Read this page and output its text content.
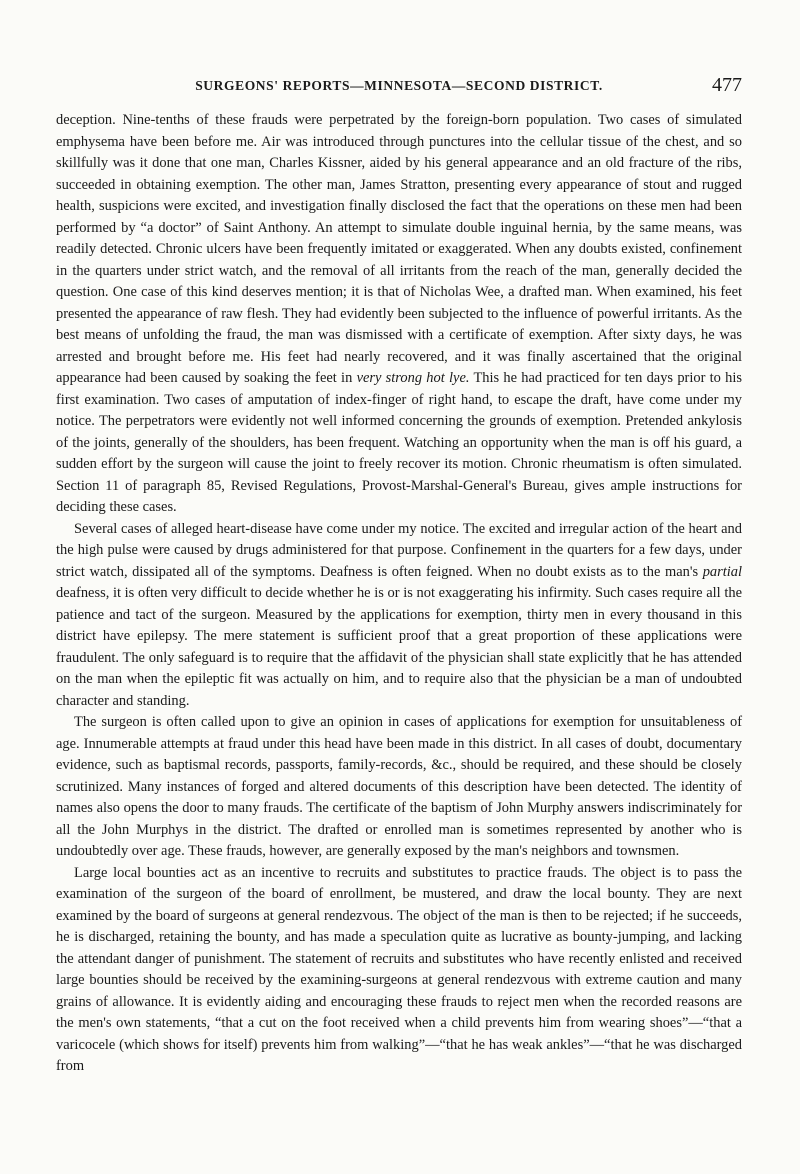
SURGEONS' REPORTS—MINNESOTA—SECOND DISTRICT.	477

deception. Nine-tenths of these frauds were perpetrated by the foreign-born population. Two cases of simulated emphysema have been before me. Air was introduced through punctures into the cellular tissue of the chest, and so skillfully was it done that one man, Charles Kissner, aided by his general appearance and an old fracture of the ribs, succeeded in obtaining exemption. The other man, James Stratton, presenting every appearance of stout and rugged health, suspicions were excited, and investigation finally disclosed the fact that the operations on these men had been performed by “a doctor” of Saint Anthony. An attempt to simulate double inguinal hernia, by the same means, was readily detected. Chronic ulcers have been frequently imitated or exaggerated. When any doubts existed, confinement in the quarters under strict watch, and the removal of all irritants from the reach of the man, generally decided the question. One case of this kind deserves mention; it is that of Nicholas Wee, a drafted man. When examined, his feet presented the appearance of raw flesh. They had evidently been subjected to the influence of powerful irritants. As the best means of unfolding the fraud, the man was dismissed with a certificate of exemption. After sixty days, he was arrested and brought before me. His feet had nearly recovered, and it was finally ascertained that the original appearance had been caused by soaking the feet in very strong hot lye. This he had practiced for ten days prior to his first examination. Two cases of amputation of index-finger of right hand, to escape the draft, have come under my notice. The perpetrators were evidently not well informed concerning the grounds of exemption. Pretended ankylosis of the joints, generally of the shoulders, has been frequent. Watching an opportunity when the man is off his guard, a sudden effort by the surgeon will cause the joint to freely recover its motion. Chronic rheumatism is often simulated. Section 11 of paragraph 85, Revised Regulations, Provost-Marshal-General's Bureau, gives ample instructions for deciding these cases.

Several cases of alleged heart-disease have come under my notice. The excited and irregular action of the heart and the high pulse were caused by drugs administered for that purpose. Confinement in the quarters for a few days, under strict watch, dissipated all of the symptoms. Deafness is often feigned. When no doubt exists as to the man's partial deafness, it is often very difficult to decide whether he is or is not exaggerating his infirmity. Such cases require all the patience and tact of the surgeon. Measured by the applications for exemption, thirty men in every thousand in this district have epilepsy. The mere statement is sufficient proof that a great proportion of these applications were fraudulent. The only safeguard is to require that the affidavit of the physician shall state explicitly that he has attended on the man when the epileptic fit was actually on him, and to require also that the physician be a man of undoubted character and standing.

The surgeon is often called upon to give an opinion in cases of applications for exemption for unsuitableness of age. Innumerable attempts at fraud under this head have been made in this district. In all cases of doubt, documentary evidence, such as baptismal records, passports, family-records, &c., should be required, and these should be closely scrutinized. Many instances of forged and altered documents of this description have been detected. The identity of names also opens the door to many frauds. The certificate of the baptism of John Murphy answers indiscriminately for all the John Murphys in the district. The drafted or enrolled man is sometimes represented by another who is undoubtedly over age. These frauds, however, are generally exposed by the man's neighbors and townsmen.

Large local bounties act as an incentive to recruits and substitutes to practice frauds. The object is to pass the examination of the surgeon of the board of enrollment, be mustered, and draw the local bounty. They are next examined by the board of surgeons at general rendezvous. The object of the man is then to be rejected; if he succeeds, he is discharged, retaining the bounty, and has made a speculation quite as lucrative as bounty-jumping, and lacking the attendant danger of punishment. The statement of recruits and substitutes who have recently enlisted and received large bounties should be received by the examining-surgeons at general rendezvous with extreme caution and many grains of allowance. It is evidently aiding and encouraging these frauds to reject men when the recorded reasons are the men's own statements, “that a cut on the foot received when a child prevents him from wearing shoes”—“that a varicocele (which shows for itself) prevents him from walking”—“that he has weak ankles”—“that he was discharged from
